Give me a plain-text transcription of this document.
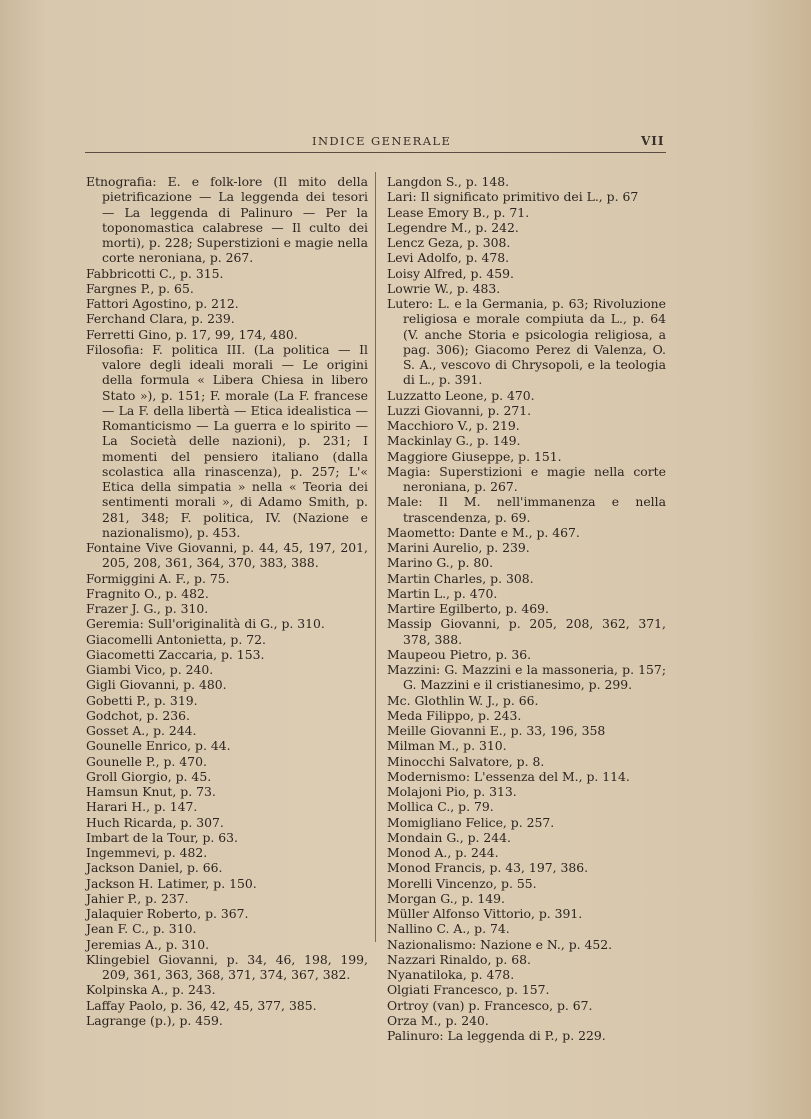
INDICE GENERALE	VII
Etnografia: E. e folk-lore (Il mito della pietrificazione — La leggenda dei tesori — La leggenda di Palinuro — Per la toponomastica calabrese — Il culto dei morti), p. 228; Superstizioni e magie nella corte neroniana, p. 267.
Fabbricotti C., p. 315.
Fargnes P., p. 65.
Fattori Agostino, p. 212.
Ferchand Clara, p. 239.
Ferretti Gino, p. 17, 99, 174, 480.
Filosofia: F. politica III. (La politica — Il valore degli ideali morali — Le origini della formula « Libera Chiesa in libero Stato »), p. 151; F. morale (La F. francese — La F. della libertà — Etica idealistica — Romanticismo — La guerra e lo spirito — La Società delle nazioni), p. 231; I momenti del pensiero italiano (dalla scolastica alla rinascenza), p. 257; L'« Etica della simpatia » nella « Teoria dei sentimenti morali », di Adamo Smith, p. 281, 348; F. politica, IV. (Nazione e nazionalismo), p. 453.
Fontaine Vive Giovanni, p. 44, 45, 197, 201, 205, 208, 361, 364, 370, 383, 388.
Formiggini A. F., p. 75.
Fragnito O., p. 482.
Frazer J. G., p. 310.
Geremia: Sull'originalità di G., p. 310.
Giacomelli Antonietta, p. 72.
Giacometti Zaccaria, p. 153.
Giambi Vico, p. 240.
Gigli Giovanni, p. 480.
Gobetti P., p. 319.
Godchot, p. 236.
Gosset A., p. 244.
Gounelle Enrico, p. 44.
Gounelle P., p. 470.
Groll Giorgio, p. 45.
Hamsun Knut, p. 73.
Harari H., p. 147.
Huch Ricarda, p. 307.
Imbart de la Tour, p. 63.
Ingemmevi, p. 482.
Jackson Daniel, p. 66.
Jackson H. Latimer, p. 150.
Jahier P., p. 237.
Jalaquier Roberto, p. 367.
Jean F. C., p. 310.
Jeremias A., p. 310.
Klingebiel Giovanni, p. 34, 46, 198, 199, 209, 361, 363, 368, 371, 374, 367, 382.
Kolpinska A., p. 243.
Laffay Paolo, p. 36, 42, 45, 377, 385.
Lagrange (p.), p. 459.
Langdon S., p. 148.
Lari: Il significato primitivo dei L., p. 67
Lease Emory B., p. 71.
Legendre M., p. 242.
Lencz Geza, p. 308.
Levi Adolfo, p. 478.
Loisy Alfred, p. 459.
Lowrie W., p. 483.
Lutero: L. e la Germania, p. 63; Rivoluzione religiosa e morale compiuta da L., p. 64 (V. anche Storia e psicologia religiosa, a pag. 306); Giacomo Perez di Valenza, O. S. A., vescovo di Chrysopoli, e la teologia di L., p. 391.
Luzzatto Leone, p. 470.
Luzzi Giovanni, p. 271.
Macchioro V., p. 219.
Mackinlay G., p. 149.
Maggiore Giuseppe, p. 151.
Magia: Superstizioni e magie nella corte neroniana, p. 267.
Male: Il M. nell'immanenza e nella trascendenza, p. 69.
Maometto: Dante e M., p. 467.
Marini Aurelio, p. 239.
Marino G., p. 80.
Martin Charles, p. 308.
Martin L., p. 470.
Martire Egilberto, p. 469.
Massip Giovanni, p. 205, 208, 362, 371, 378, 388.
Maupeou Pietro, p. 36.
Mazzini: G. Mazzini e la massoneria, p. 157; G. Mazzini e il cristianesimo, p. 299.
Mc. Glothlin W. J., p. 66.
Meda Filippo, p. 243.
Meille Giovanni E., p. 33, 196, 358
Milman M., p. 310.
Minocchi Salvatore, p. 8.
Modernismo: L'essenza del M., p. 114.
Molajoni Pio, p. 313.
Mollica C., p. 79.
Momigliano Felice, p. 257.
Mondain G., p. 244.
Monod A., p. 244.
Monod Francis, p. 43, 197, 386.
Morelli Vincenzo, p. 55.
Morgan G., p. 149.
Müller Alfonso Vittorio, p. 391.
Nallino C. A., p. 74.
Nazionalismo: Nazione e N., p. 452.
Nazzari Rinaldo, p. 68.
Nyanatiloka, p. 478.
Olgiati Francesco, p. 157.
Ortroy (van) p. Francesco, p. 67.
Orza M., p. 240.
Palinuro: La leggenda di P., p. 229.
